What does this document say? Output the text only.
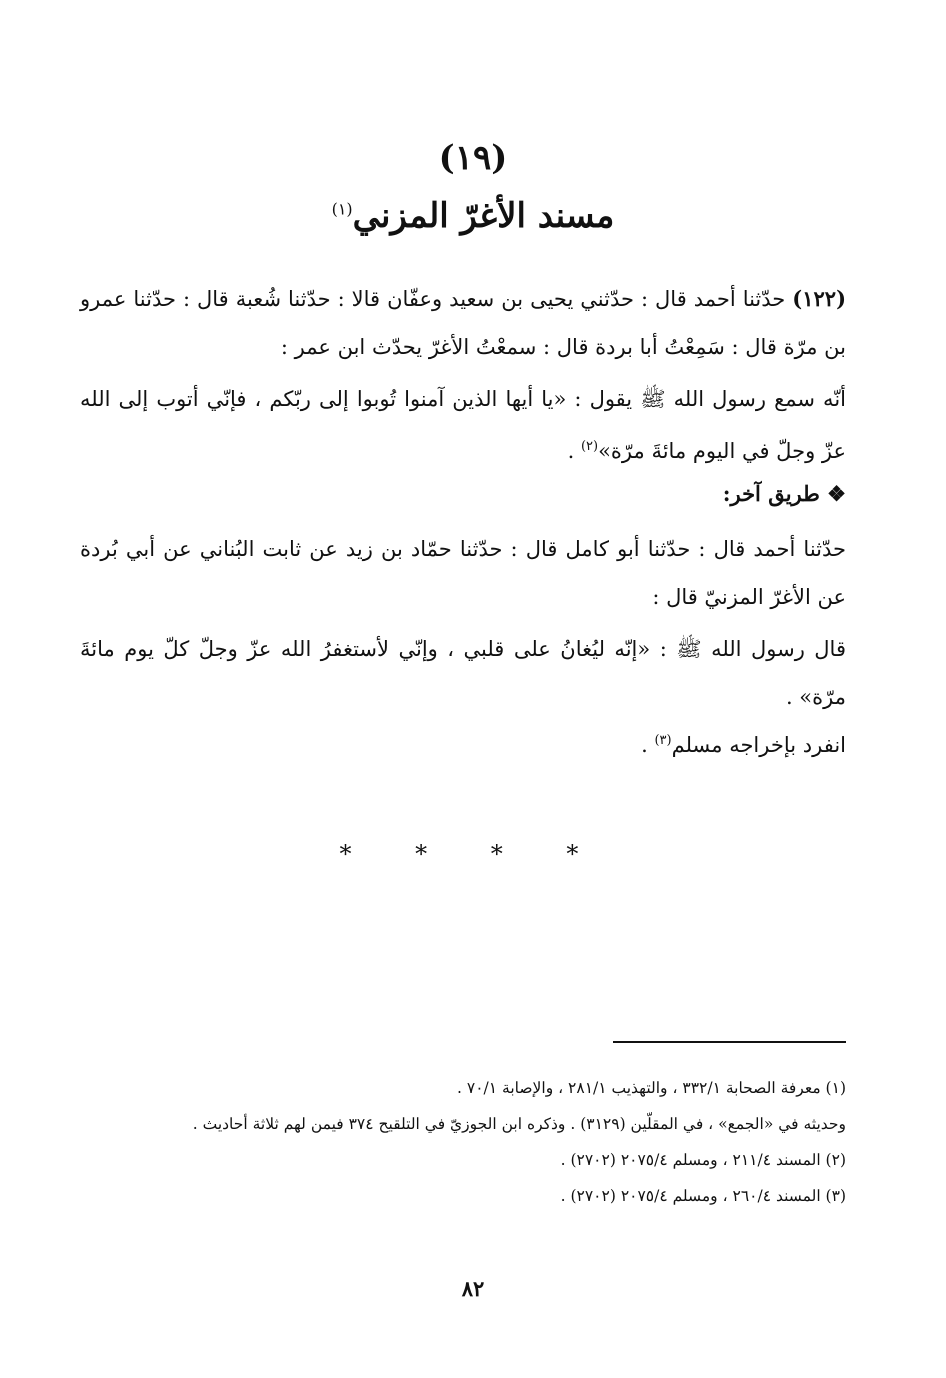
(١٩)
مسند الأغرّ المزني$^{(١)}$
(١٢٢) حدّثنا أحمد قال : حدّثني يحيى بن سعيد وعفّان قالا : حدّثنا شُعبة قال : حدّثنا عمرو بن مرّة قال : سَمِعْتُ أبا بردة قال : سمعْتُ الأغرّ يحدّث ابن عمر :
أنّه سمع رسول الله ﷺ يقول : «يا أيها الذين آمنوا تُوبوا إلى ربّكم ، فإنّي أتوب إلى الله عزّ وجلّ في اليوم مائةَ مرّة»$^{(٢)}$ .
❖ طريق آخر:
حدّثنا أحمد قال : حدّثنا أبو كامل قال : حدّثنا حمّاد بن زيد عن ثابت البُناني عن أبي بُردة عن الأغرّ المزنيّ قال :
قال رسول الله ﷺ : «إنّه ليُغانُ على قلبي ، وإنّي لأستغفرُ الله عزّ وجلّ كلّ يوم مائةَ مرّة» .
انفرد بإخراجه مسلم$^{(٣)}$ .
* * * *
(١) معرفة الصحابة ٣٣٢/١ ، والتهذيب ٢٨١/١ ، والإصابة ٧٠/١ .
وحديثه في «الجمع» ، في المقلّين (٣١٢٩) . وذكره ابن الجوزيّ في التلقيح ٣٧٤ فيمن لهم ثلاثة أحاديث .
(٢) المسند ٢١١/٤ ، ومسلم ٢٠٧٥/٤ (٢٧٠٢) .
(٣) المسند ٢٦٠/٤ ، ومسلم ٢٠٧٥/٤ (٢٧٠٢) .
٨٢
